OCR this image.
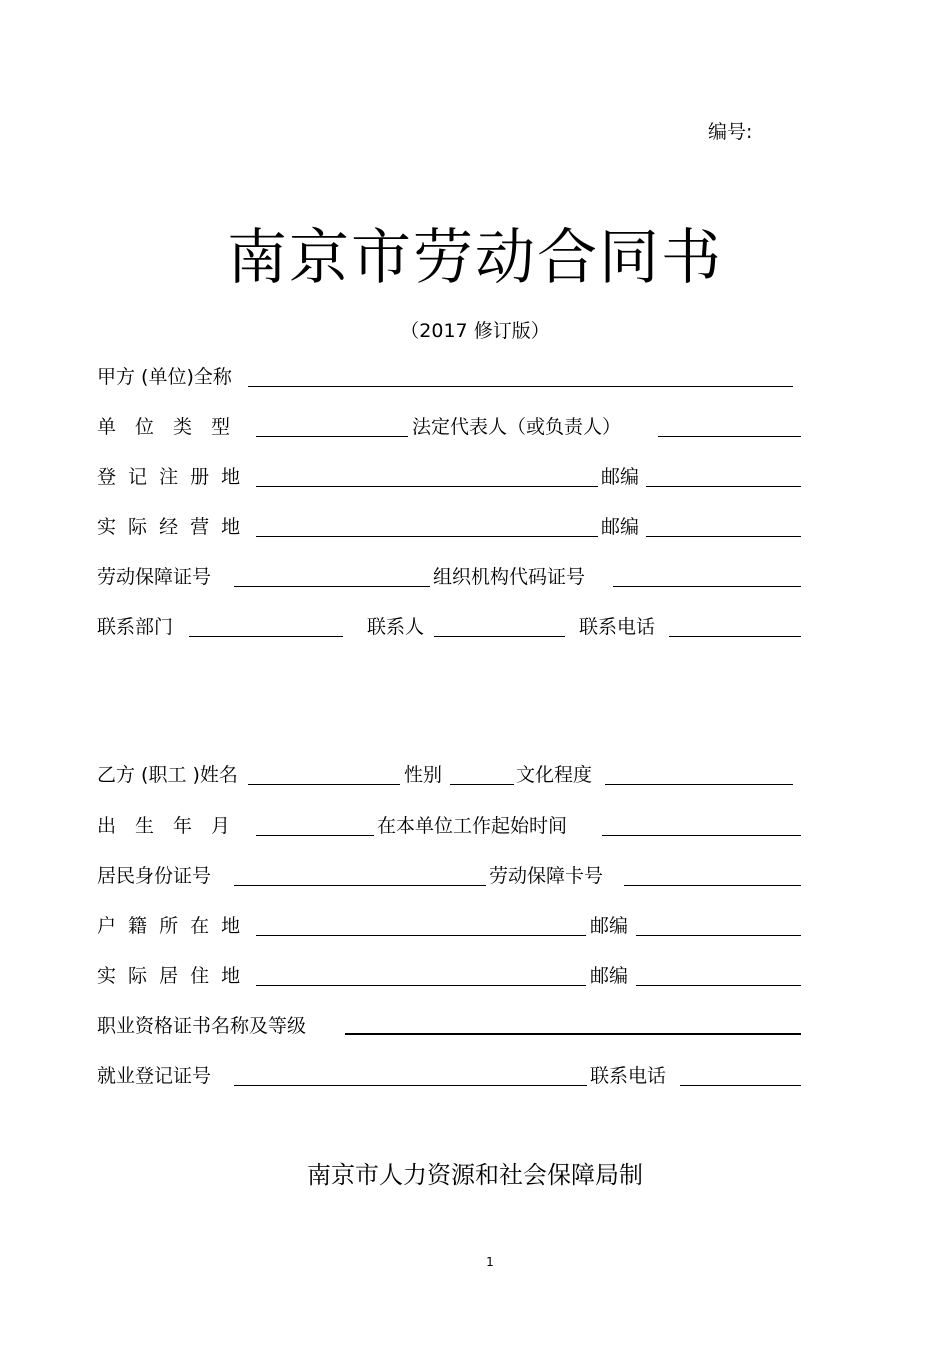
编号:
南京市劳动合同书
（2017 修订版）
甲方 (单位)全称
单　位　类　型	法定代表人（或负责人）
登 记 注 册 地	邮编
实 际 经 营 地	邮编
劳动保障证号	组织机构代码证号
联系部门	联系人	联系电话
乙方 (职工 )姓名	性别	文化程度
出　生　年　月	在本单位工作起始时间
居民身份证号	劳动保障卡号
户 籍 所 在 地	邮编
实 际 居 住 地	邮编
职业资格证书名称及等级
就业登记证号	联系电话
南京市人力资源和社会保障局制
1
